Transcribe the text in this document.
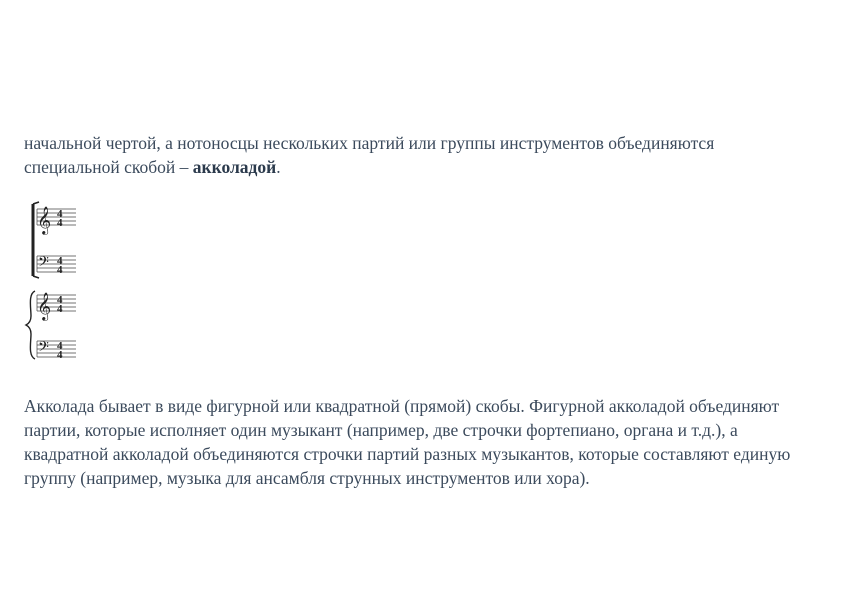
начальной чертой, а нотоносцы нескольких партий или группы инструментов объединяются
специальной скобой – акколадой.

𝄞 4
4
𝄢 4
4
𝄞 4
4
𝄢 4
4

Акколада бывает в виде фигурной или квадратной (прямой) скобы. Фигурной акколадой объединяют партии, которые исполняет один музыкант (например, две строчки фортепиано, органа и т.д.), а квадратной акколадой объединяются строчки партий разных музыкантов, которые составляют единую группу (например, музыка для ансамбля струнных инструментов или хора).
